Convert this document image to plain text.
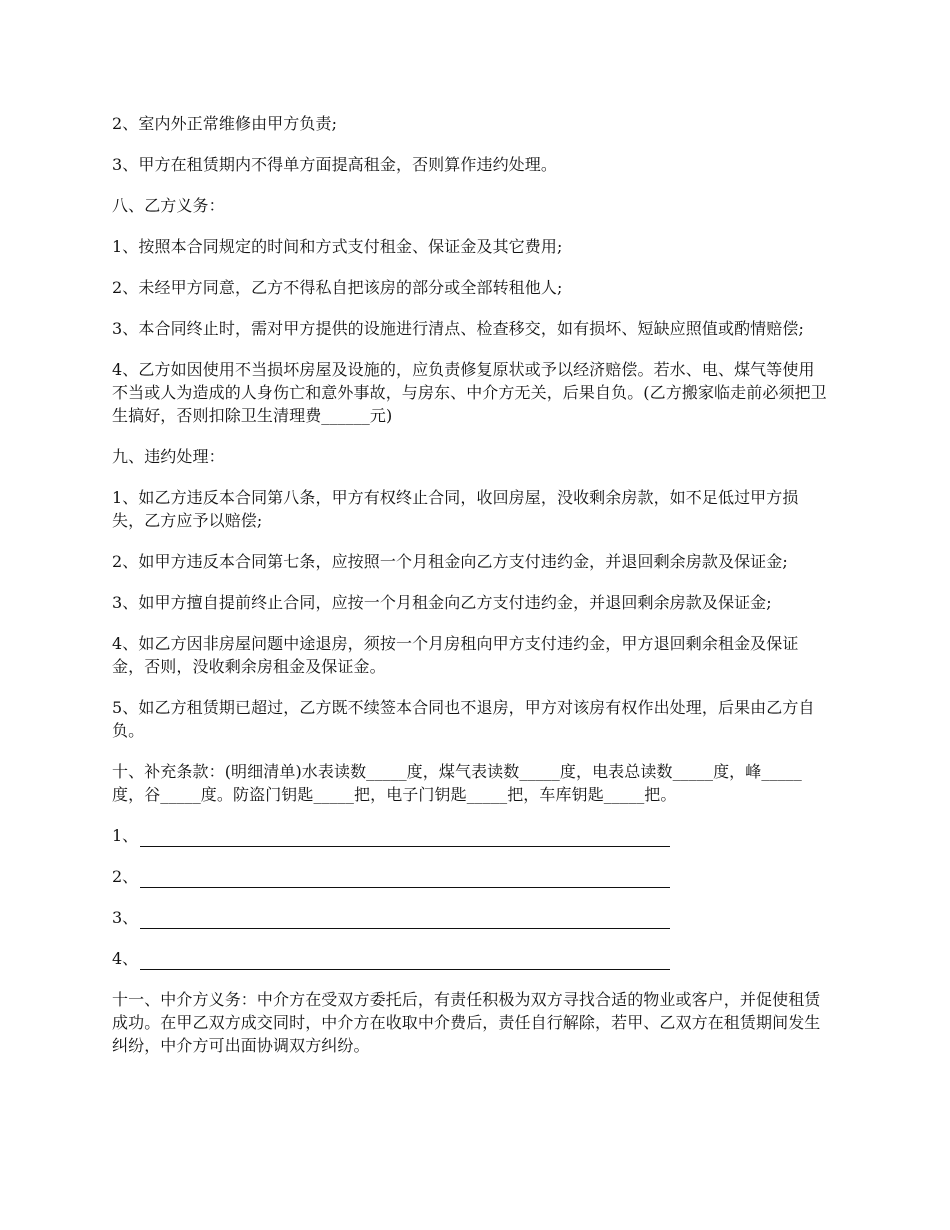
2、室内外正常维修由甲方负责;

3、甲方在租赁期内不得单方面提高租金，否则算作违约处理。

八、乙方义务：

1、按照本合同规定的时间和方式支付租金、保证金及其它费用;

2、未经甲方同意，乙方不得私自把该房的部分或全部转租他人;

3、本合同终止时，需对甲方提供的设施进行清点、检查移交，如有损坏、短缺应照值或酌情赔偿;

4、乙方如因使用不当损坏房屋及设施的，应负责修复原状或予以经济赔偿。若水、电、煤气等使用不当或人为造成的人身伤亡和意外事故，与房东、中介方无关，后果自负。(乙方搬家临走前必须把卫生搞好，否则扣除卫生清理费______元)

九、违约处理：

1、如乙方违反本合同第八条，甲方有权终止合同，收回房屋，没收剩余房款，如不足低过甲方损失，乙方应予以赔偿;

2、如甲方违反本合同第七条，应按照一个月租金向乙方支付违约金，并退回剩余房款及保证金;

3、如甲方擅自提前终止合同，应按一个月租金向乙方支付违约金，并退回剩余房款及保证金;

4、如乙方因非房屋问题中途退房，须按一个月房租向甲方支付违约金，甲方退回剩余租金及保证金，否则，没收剩余房租金及保证金。

5、如乙方租赁期已超过，乙方既不续签本合同也不退房，甲方对该房有权作出处理，后果由乙方自负。

十、补充条款：(明细清单)水表读数_____度，煤气表读数_____度，电表总读数_____度，峰_____度，谷_____度。防盗门钥匙_____把，电子门钥匙_____把，车库钥匙_____把。

1、
2、
3、
4、

十一、中介方义务：中介方在受双方委托后，有责任积极为双方寻找合适的物业或客户，并促使租赁成功。在甲乙双方成交同时，中介方在收取中介费后，责任自行解除，若甲、乙双方在租赁期间发生纠纷，中介方可出面协调双方纠纷。
